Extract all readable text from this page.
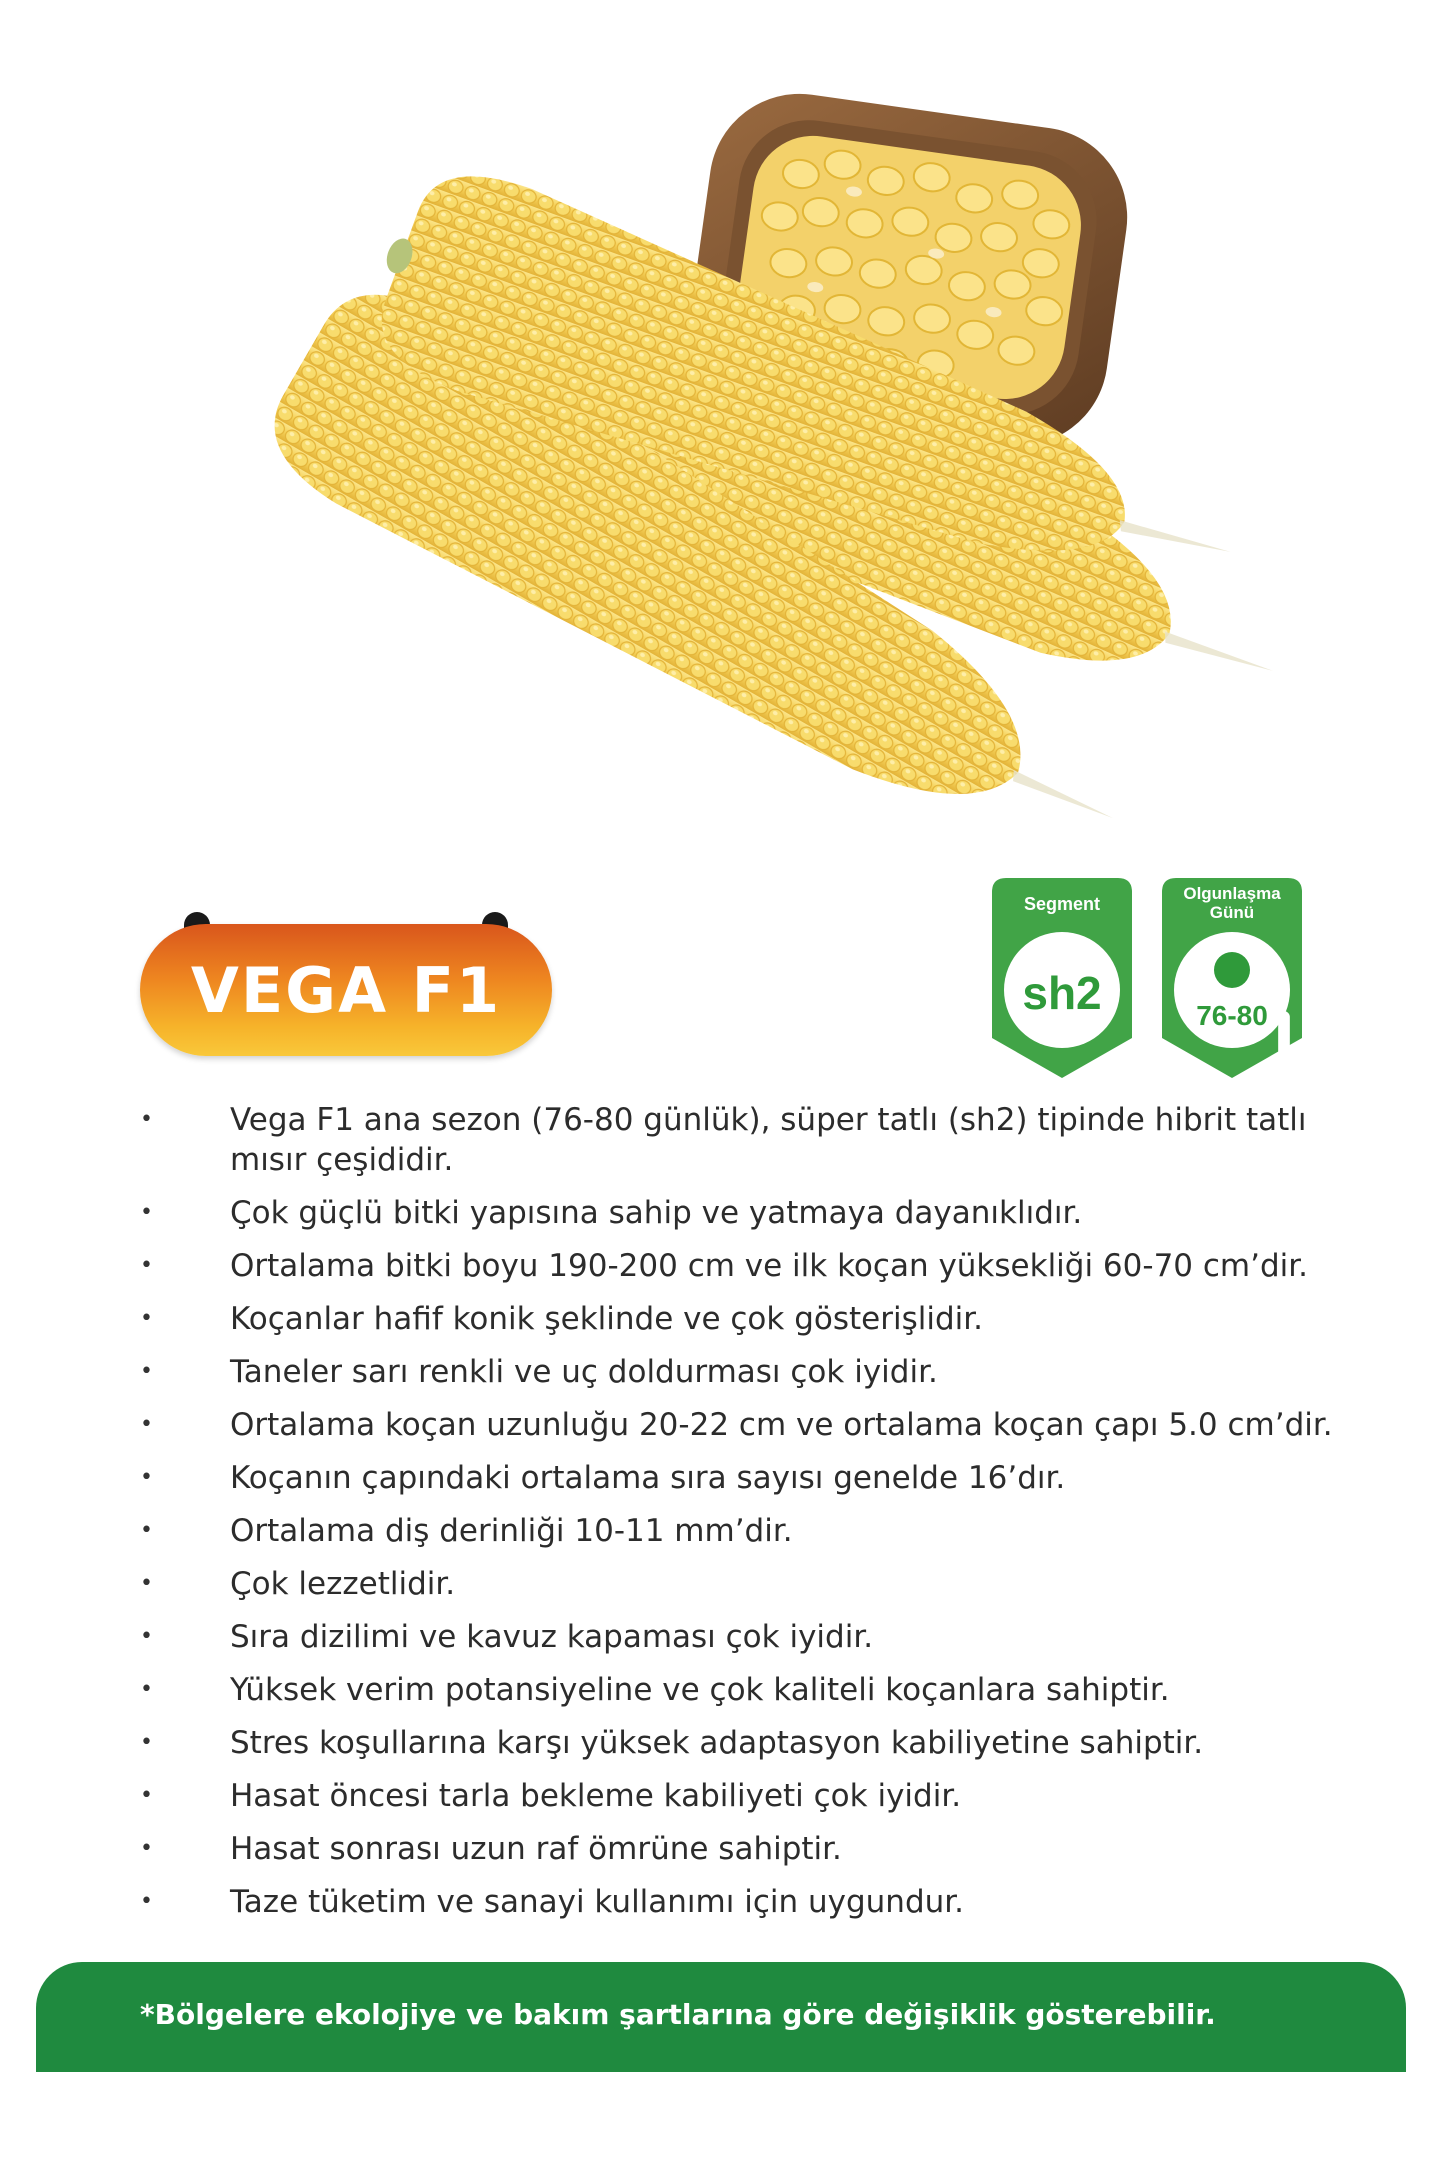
VEGA F1
Segment
sh2
Olgunlaşma
Günü
76-80
• Vega F1 ana sezon (76-80 günlük), süper tatlı (sh2) tipinde hibrit tatlı mısır çeşididir.
• Çok güçlü bitki yapısına sahip ve yatmaya dayanıklıdır.
• Ortalama bitki boyu 190-200 cm ve ilk koçan yüksekliği 60-70 cm’dir.
• Koçanlar hafif konik şeklinde ve çok gösterişlidir.
• Taneler sarı renkli ve uç doldurması çok iyidir.
• Ortalama koçan uzunluğu 20-22 cm ve ortalama koçan çapı 5.0 cm’dir.
• Koçanın çapındaki ortalama sıra sayısı genelde 16’dır.
• Ortalama diş derinliği 10-11 mm’dir.
• Çok lezzetlidir.
• Sıra dizilimi ve kavuz kapaması çok iyidir.
• Yüksek verim potansiyeline ve çok kaliteli koçanlara sahiptir.
• Stres koşullarına karşı yüksek adaptasyon kabiliyetine sahiptir.
• Hasat öncesi tarla bekleme kabiliyeti çok iyidir.
• Hasat sonrası uzun raf ömrüne sahiptir.
• Taze tüketim ve sanayi kullanımı için uygundur.
*Bölgelere ekolojiye ve bakım şartlarına göre değişiklik gösterebilir.
